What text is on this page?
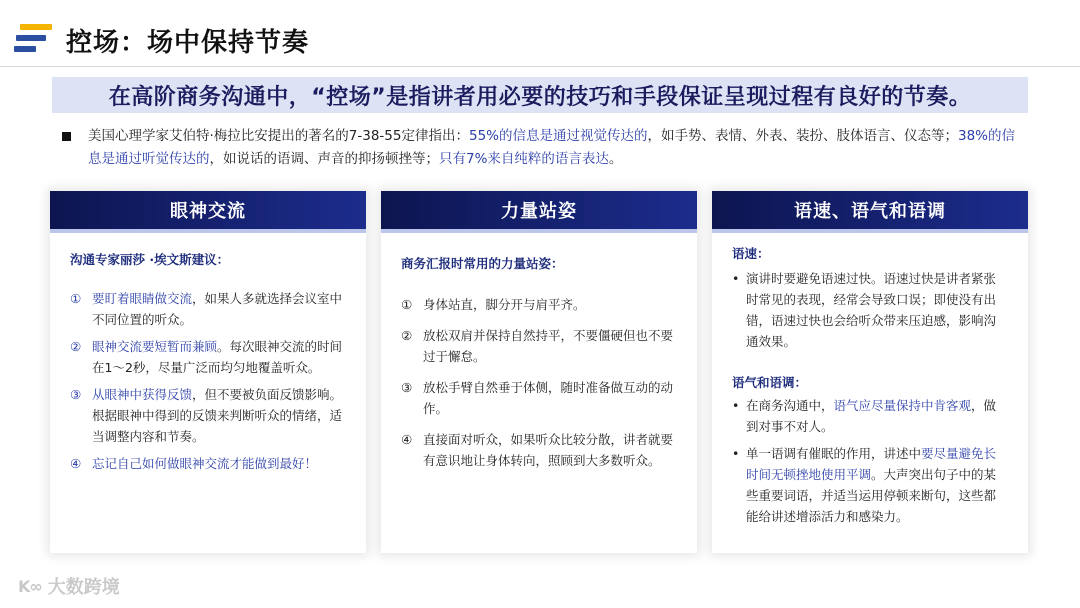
控场：场中保持节奏
在高阶商务沟通中，“控场”是指讲者用必要的技巧和手段保证呈现过程有良好的节奏。

美国心理学家艾伯特·梅拉比安提出的著名的7-38-55定律指出：55%的信息是通过视觉传达的，如手势、表情、外表、装扮、肢体语言、仪态等；38%的信息是通过听觉传达的，如说话的语调、声音的抑扬顿挫等；只有7%来自纯粹的语言表达。

眼神交流
沟通专家丽莎 ·埃文斯建议：
① 要盯着眼睛做交流，如果人多就选择会议室中不同位置的听众。
② 眼神交流要短暂而兼顾。每次眼神交流的时间在1～2秒，尽量广泛而均匀地覆盖听众。
③ 从眼神中获得反馈，但不要被负面反馈影响。根据眼神中得到的反馈来判断听众的情绪，适当调整内容和节奏。
④ 忘记自己如何做眼神交流才能做到最好！
力量站姿
商务汇报时常用的力量站姿：
① 身体站直，脚分开与肩平齐。
② 放松双肩并保持自然持平，不要僵硬但也不要过于懈怠。
③ 放松手臂自然垂于体侧，随时准备做互动的动作。
④ 直接面对听众，如果听众比较分散，讲者就要有意识地让身体转向，照顾到大多数听众。
语速、语气和语调
语速：
• 演讲时要避免语速过快。语速过快是讲者紧张时常见的表现，经常会导致口误；即使没有出错，语速过快也会给听众带来压迫感，影响沟通效果。
语气和语调：
• 在商务沟通中，语气应尽量保持中肯客观，做到对事不对人。
• 单一语调有催眠的作用，讲述中要尽量避免长时间无顿挫地使用平调。大声突出句子中的某些重要词语，并适当运用停顿来断句，这些都能给讲述增添活力和感染力。
K∞ 大数跨境
